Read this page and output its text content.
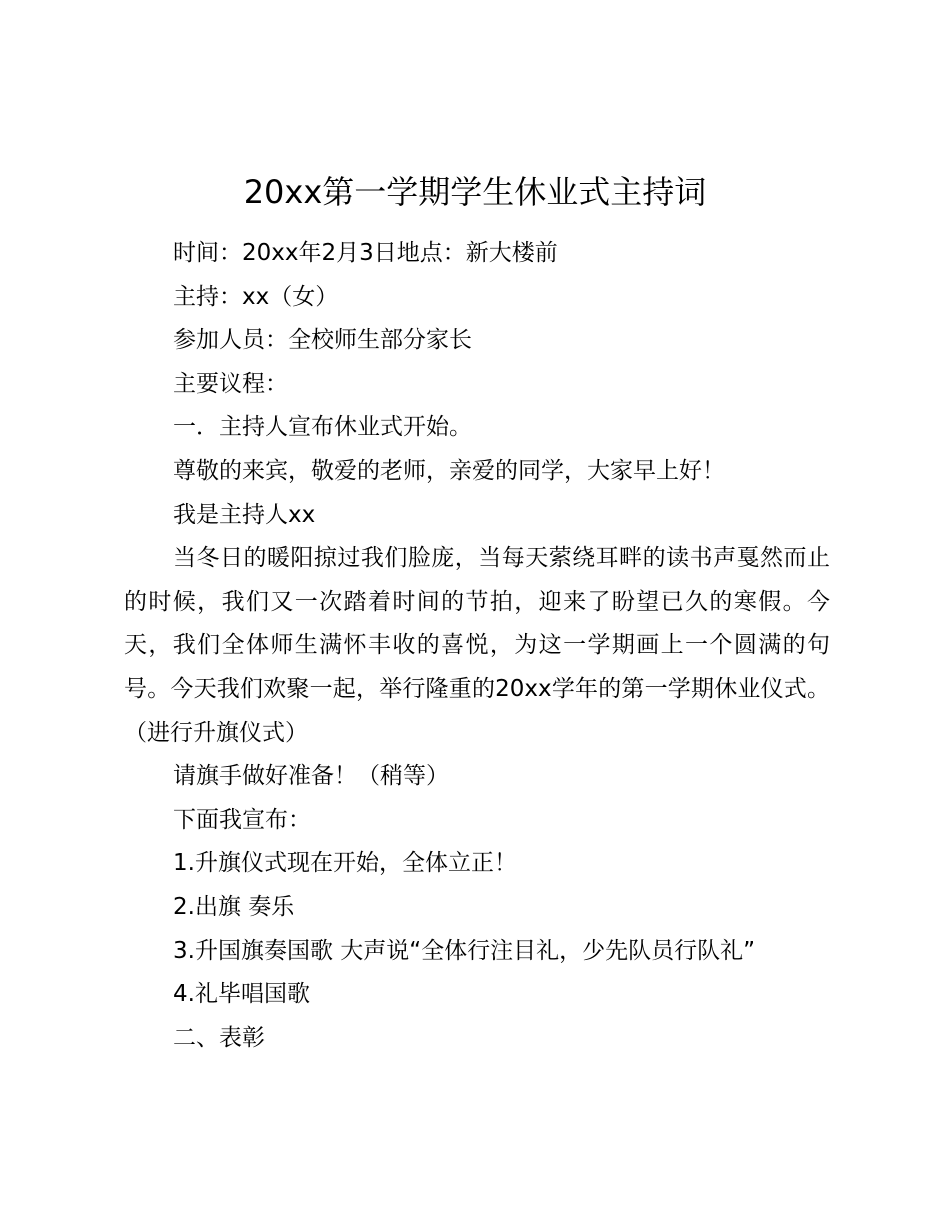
20xx第一学期学生休业式主持词

时间：20xx年2月3日地点：新大楼前

主持：xx（女）

参加人员：全校师生部分家长

主要议程：

一．主持人宣布休业式开始。

尊敬的来宾，敬爱的老师，亲爱的同学，大家早上好！

我是主持人xx

当冬日的暖阳掠过我们脸庞，当每天萦绕耳畔的读书声戛然而止的时候，我们又一次踏着时间的节拍，迎来了盼望已久的寒假。今天，我们全体师生满怀丰收的喜悦，为这一学期画上一个圆满的句号。今天我们欢聚一起，举行隆重的20xx学年的第一学期休业仪式。（进行升旗仪式）

请旗手做好准备！（稍等）

下面我宣布：

1.升旗仪式现在开始，全体立正！

2.出旗 奏乐

3.升国旗奏国歌 大声说“全体行注目礼，少先队员行队礼”

4.礼毕唱国歌

二、表彰
